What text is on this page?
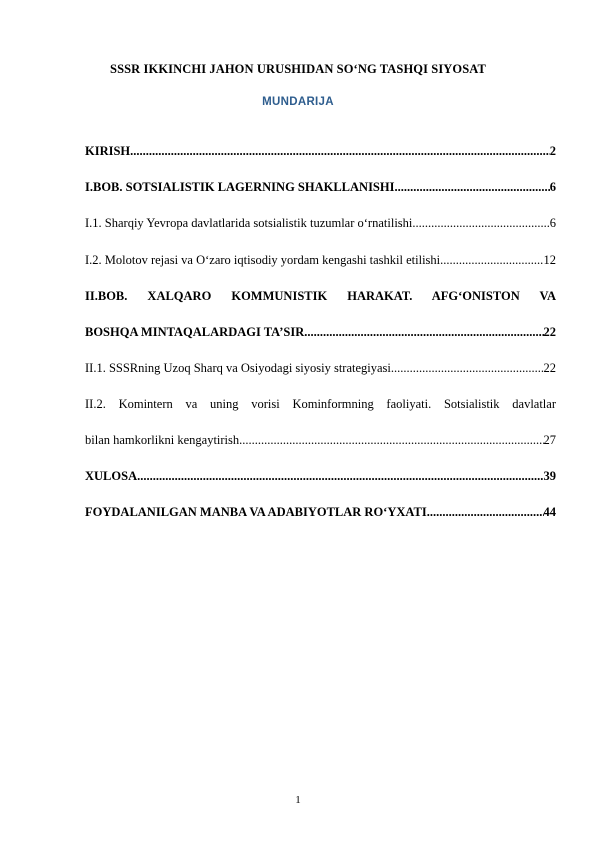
SSSR IKKINCHI JAHON URUSHIDAN SO‘NG TASHQI SIYOSAT
MUNDARIJA
KIRISH .....	2
I.BOB. SOTSIALISTIK LAGERNING SHAKLLANISHI .....	6
I.1. Sharqiy Yevropa davlatlarida sotsialistik tuzumlar o‘rnatilishi .....	6
I.2. Molotov rejasi va O‘zaro iqtisodiy yordam kengashi tashkil etilishi .....	12
II.BOB. XALQARO KOMMUNISTIK HARAKAT. AFG‘ONISTON VA
BOSHQA MINTAQALARDAGI TA’SIR .....	22
II.1. SSSRning Uzoq Sharq va Osiyodagi siyosiy strategiyasi .....	22
II.2. Komintern va uning vorisi Kominformning faoliyati. Sotsialistik davlatlar
bilan hamkorlikni kengaytirish .....	27
XULOSA .....	39
FOYDALANILGAN MANBA VA ADABIYOTLAR RO‘YXATI .....	44
1
